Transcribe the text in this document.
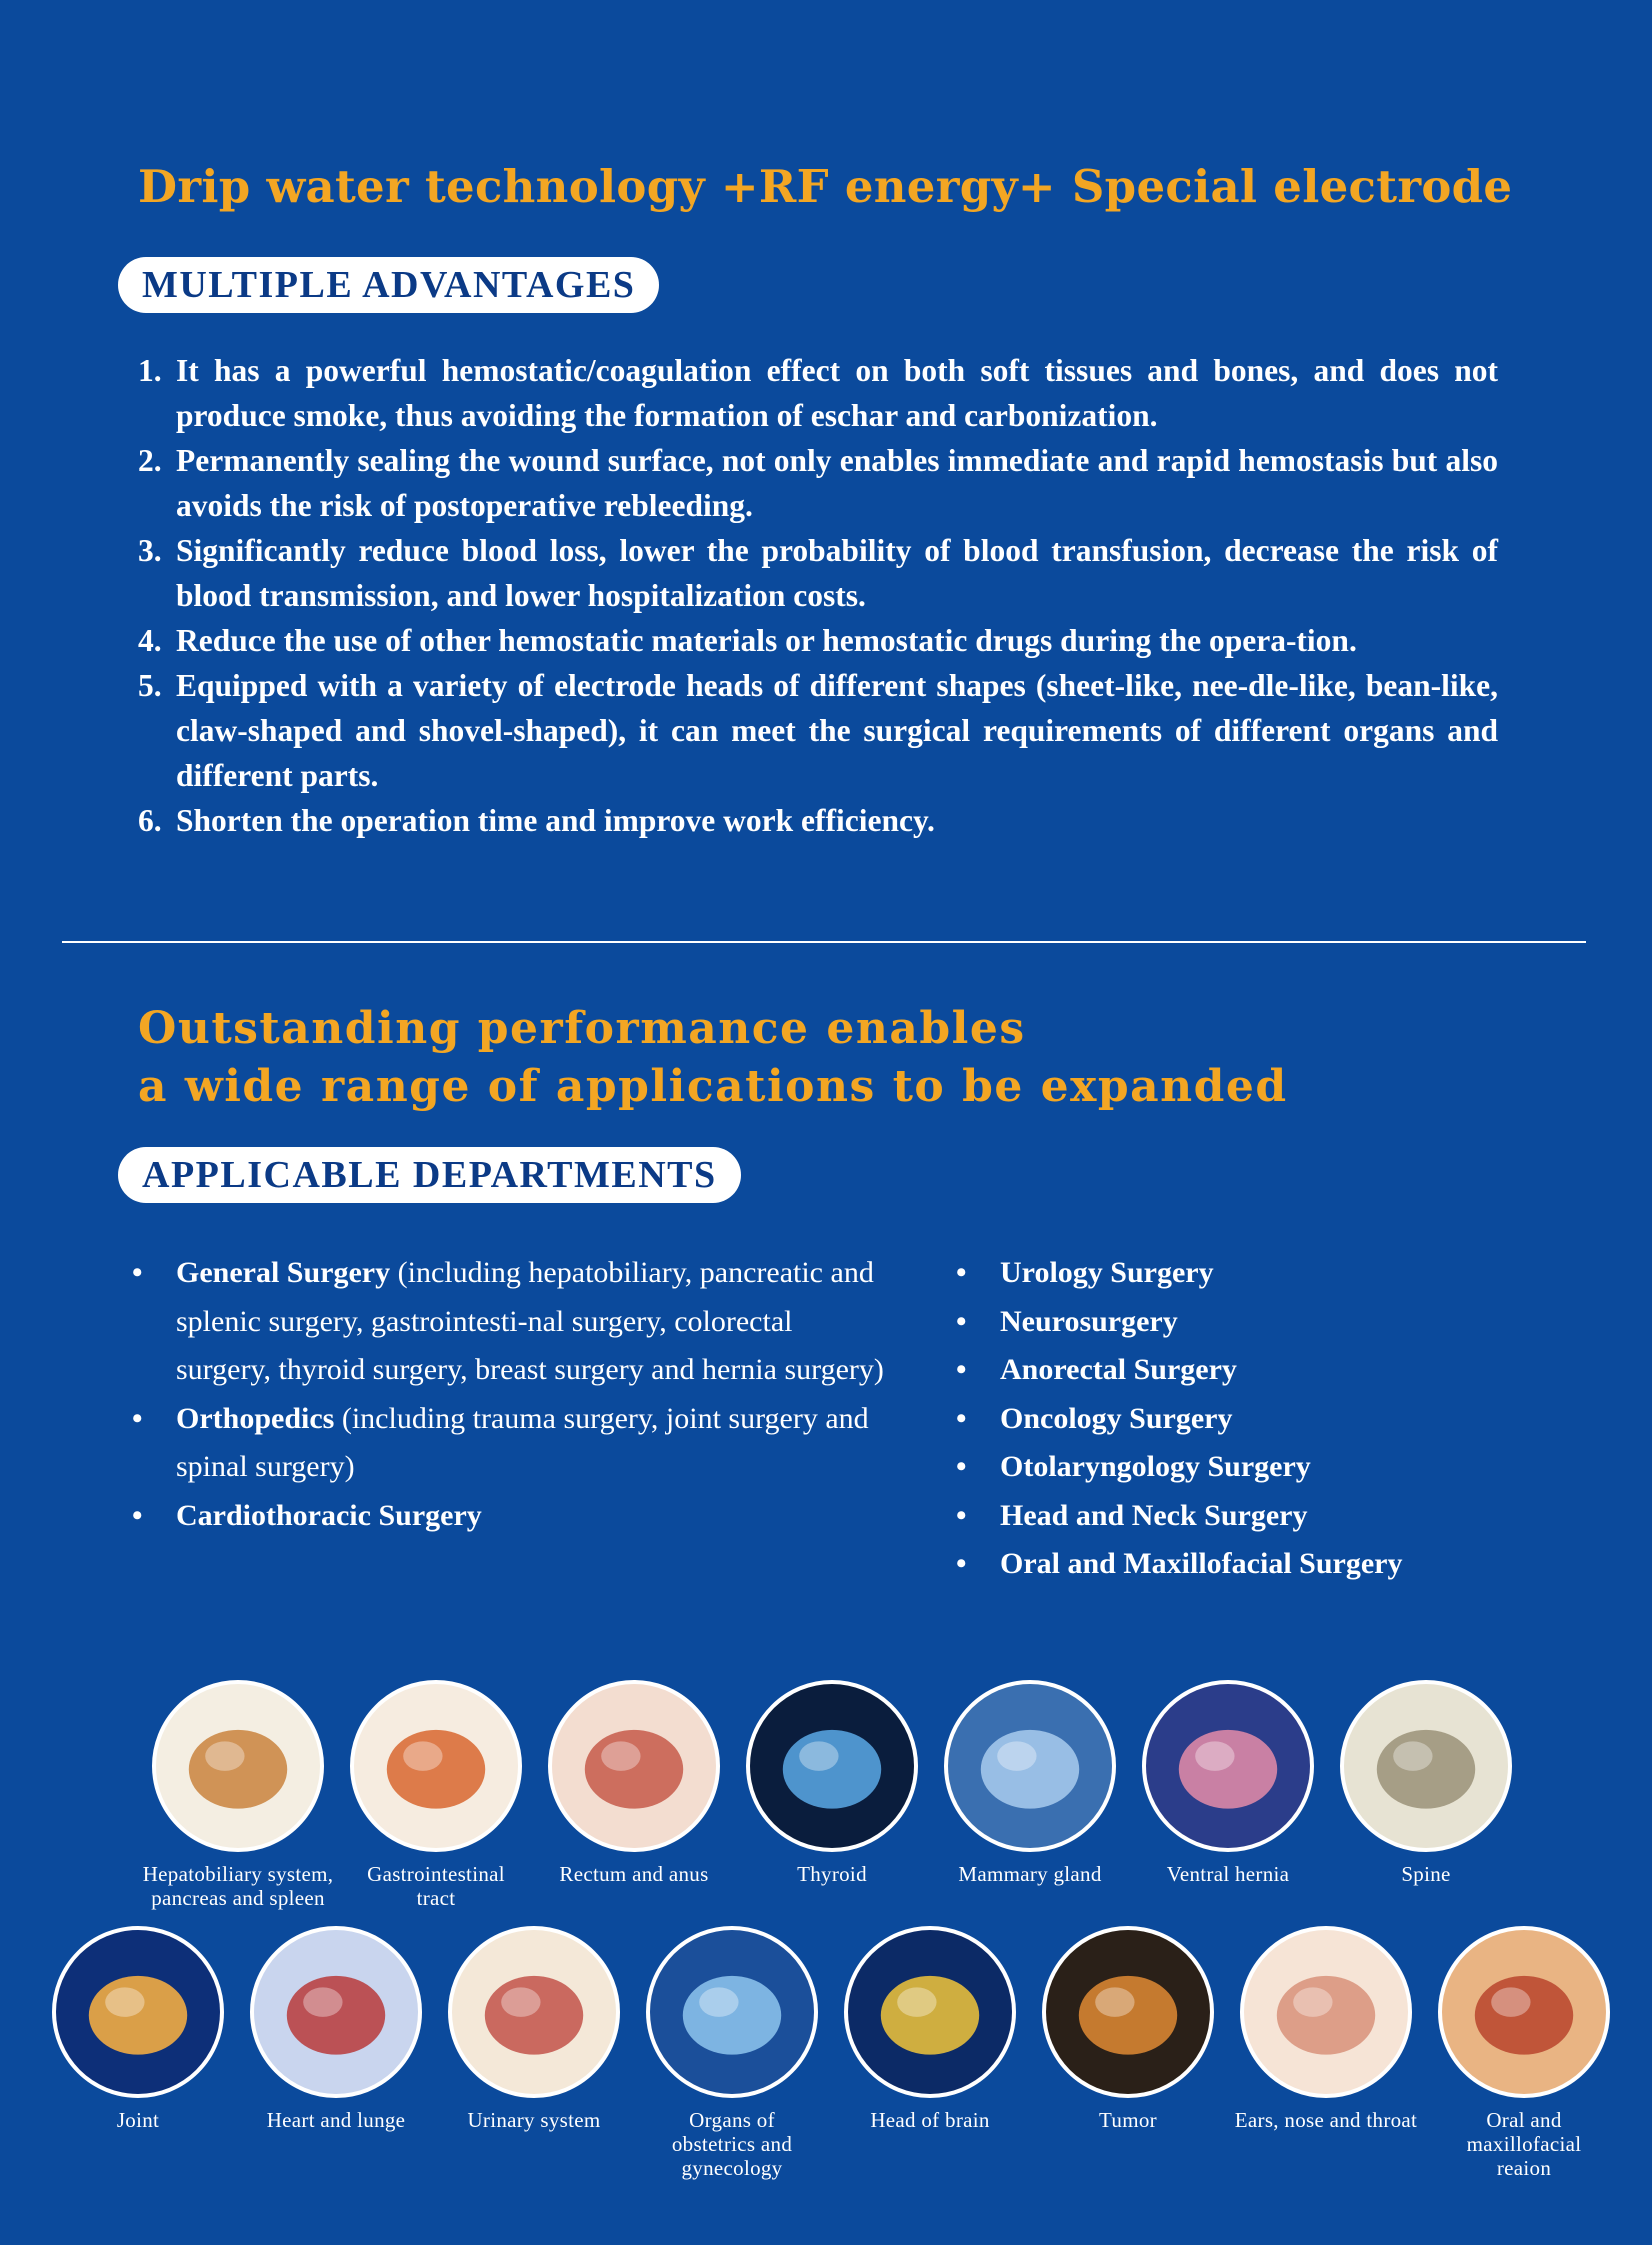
Drip water technology +RF energy+ Special electrode
MULTIPLE ADVANTAGES
1. It has a powerful hemostatic/coagulation effect on both soft tissues and bones, and does not produce smoke, thus avoiding the formation of eschar and carbonization.
2. Permanently sealing the wound surface, not only enables immediate and rapid hemostasis but also avoids the risk of postoperative rebleeding.
3. Significantly reduce blood loss, lower the probability of blood transfusion, decrease the risk of blood transmission, and lower hospitalization costs.
4. Reduce the use of other hemostatic materials or hemostatic drugs during the opera-tion.
5. Equipped with a variety of electrode heads of different shapes (sheet-like, nee-dle-like, bean-like, claw-shaped and shovel-shaped), it can meet the surgical requirements of different organs and different parts.
6. Shorten the operation time and improve work efficiency.
Outstanding performance enables
a wide range of applications to be expanded
APPLICABLE DEPARTMENTS
• General Surgery (including hepatobiliary, pancreatic and splenic surgery, gastrointesti-nal surgery, colorectal surgery, thyroid surgery, breast surgery and hernia surgery)
• Orthopedics (including trauma surgery, joint surgery and spinal surgery)
• Cardiothoracic Surgery
• Urology Surgery
• Neurosurgery
• Anorectal Surgery
• Oncology Surgery
• Otolaryngology Surgery
• Head and Neck Surgery
• Oral and Maxillofacial Surgery
Hepatobiliary system,
pancreas and spleen
Gastrointestinal
tract
Rectum and anus	Thyroid	Mammary gland	Ventral hernia	Spine
Joint	Heart and lunge	Urinary system	Organs of
obstetrics and
gynecology
Head of brain	Tumor	Ears, nose and throat	Oral and
maxillofacial
reaion
